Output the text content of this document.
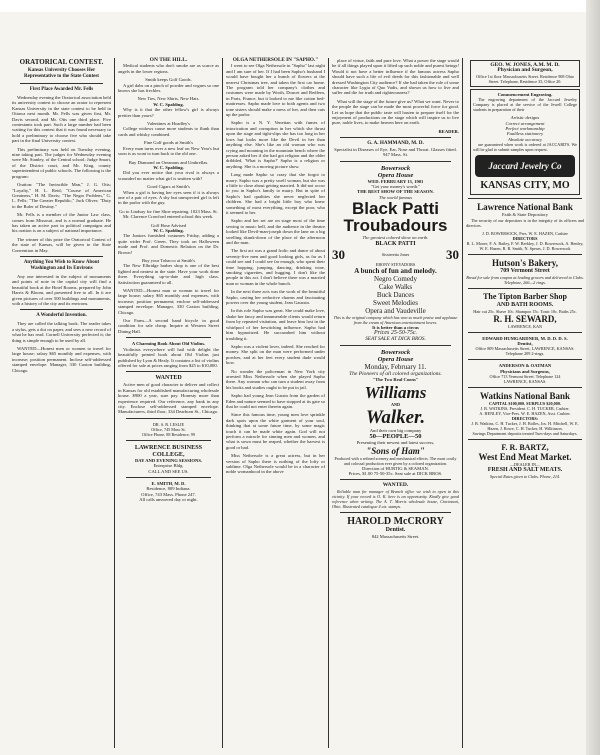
ORATORICAL CONTEST.
Kansas University Chooses Her Representative to the State Contest
First Place Awarded Mr. Fells

Wednesday evening the Oratorical association held its university contest to choose an orator to represent Kansas University in the state contest to be held in Ottawa next month. Mr. Fells was given first, Mr. Davis second, and Mr. Otis one third place. Five contestants took part. Such a large number had been waiting for this contest that it was found necessary to hold a preliminary to choose five who should take part in the final University contest.

This preliminary was held on Tuesday evening, nine taking part. The judges for Wednesday evening were Mr. Stanley, of the Central school; Judge Smart, of the District court, and Mr. King, county superintendent of public schools. The following is the program:

Oration: "The Invincible Man," J. G. Otis; "Loyalty," H. L. Reid; "Course of American Greatness," H. M. Davis; "The Negro Problem," G. L. Fells; "The Greater Republic," Jack Oliver; "Duty to the Ruler of Destiny."

Mr. Fells is a member of the Junior Law class, comes from Missouri, and is a normal graduate. He has taken an active part in political campaigns and his oration is on a subject of national importance.

The winner of this prize the Oratorical Contest of the state of Kansas, will be given to the State Convention in May.

Anything You Wish to Know About Washington and Its Environs

Any one interested in the subject of monuments and points of note in the capital city will find a beautiful book at the Hotel Rooms, prepared by John Harris & Bloom, and presented free to all. In it are given pictures of over 500 buildings and monuments, with a history of the city and its environs.

A Wonderful Invention.

They are called the talking book. The reader takes a stylus, gets a dot on paper, and sees a new record of what he has read. Cornell University perfected it; the thing is simple enough to be used by all.

WANTED—Honest men or women to travel for large house; salary $65 monthly and expenses, with increase; position permanent. Inclose self-addressed stamped envelope. Manager, 330 Caxton building, Chicago.

ON THE HILL.

Medical students who don't smoke are as scarce as angels in the lower regions.

Smith keeps Golf Goods.

A girl dabs on a pinch of powder and vogues so one knows she has freckles.

New Ties, New Shirts, New Hats.

W. C. Spalding.

Why is it that the other fellow's girl is always prettier than yours?

Valentines at Hoadley's

College widows cause more students to flunk than cards and whisky combined.

Fine Golf goods at Smith's

Every man turns over a new leaf on New Year's but soon is as wont to turn back to the old one.

Buy Diamond on Oreanons and Umbrellas.

W. C. Spalding.

Did you ever notice that your rival is always a scoundrel no matter what girl is smitten with?

Good Cigars at Smith's

When a girl is having her eyes seen if it is always one of a pair of eyes. A shy but unexpected girl is left in the parlor with the guy.

Go to Lindsay for fine Shoe repairing. 1023 Mass. St.

Mr. Clarence Crawford entered school this week.

Golf Hose Advised

W. C. Spalding.

The Juniors furnished costumes Friday, adding a quite wider Prof. Green. They took on Halloween mode and Prof. and Domestic Relation on the Dr. Brown!

Buy your Tobacco at Smith's

The New Elbridge barber shop is one of the best lighted and neatest in the state. Have your work done there. Everything up-to-date and high class. Satisfaction guaranteed to all.

WANTED—Honest man or woman to travel for large house; salary $65 monthly and expenses, with increase; position permanent; enclose self-addressed stamped envelope. Manager, 330 Caxton building, Chicago.

Our Farm—A second hand bicycle in good condition for sale cheap. Inquire at Western Street Dining Hall.

A Charming Book About Old Violins.

Violinists everywhere will hail with delight the beautifully printed book about Old Violins just published by Lyon & Healy. It contains a list of violins offered for sale at prices ranging from $25 to $10,000.

WANTED

Active men of good character to deliver and collect in Kansas for old established manufacturing wholesale house. $900 a year, sure pay. Honesty more than experience required. Our reference, any bank in any city. Enclose self-addressed stamped envelope. Manufacturers, third floor, 334 Dearborn St., Chicago.

DR. S. B. LESLIE
Office, 745 Mass St.
Office Phone, 88 Residence, 99

LAWRENCE BUSINESS

COLLEGE,

DAY AND EVENING SESSIONS.

Enterprise Bldg.

CALL AND SEE US.

E. SMITH, M. D.

Residence, 809 Indiana.

Office, 743 Mass. Phone 247.

All calls answered day or night.

OLGA NETHERSOLE IN "SAPHO."

I went to see Olga Nethersole in "Sapho" last night and I am sure of her. If I had been Sapho's husband I would have bought her a bunch of flowers at the nearest Christmas tree, and taken the first car home. The program told her company's clothes and costumes were made by Worth, Doucet and Redfern, in Paris, France, but it looked to me like cotton bed-mattresses. Sapho made love to both agents and two tone sisters should make a mess of her, and then cuts up the parlor.

Sapho is a N. Y. Venetian with fumes of intoxication and corruption in her which she thrust upon the stage and tight-slips she has too long in her lows but looks more like the Devil in her than anything else. She's like an old woman who was crying and moaning in the mountain bench where the person asked her if she had got religion and the older dribbled, 'What is Sapho?' Sapho is a religion or anything. She is a moving picture show.

Long made Sapho so crazy that she forgot to marry. Sapho was a pretty swell woman, but she was a little to close about getting married. It did not occur to you in Sapho's family to marry. But in spite of Sapho's bad qualities she never neglected her children. She had a bright little boy who knew something of most everything, except the poor, who it seemed to her.

Sapho and her set are on stage most of the time sewing to music bell, and the audience in the theatre looked like Devil-man-joseph down the lane on a big swelling skunk-down of the place of the afternoon and the man.

The first act was a grand frolic and dance of about seventy-five men and good looking girls, as far as I could see and I could see far enough, who spent their time hopping, jumping, dancing, drinking wine, smoking cigarettes, and hugging. I don't like the people in this act. I don't believe there was a married man or woman in the whole bunch.

In the next three acts was the work of the beautiful Sapho, casting her seductive charms and fascinating powers over the young student, Jean Gaussin.

In this role Sapho was great. She could make love, shake her fancy and innumerable clients would return from by repeated visitation, and leave him lost in the whirlpool of her bewitching influence. Sapho had him hypnotized. He succumbed him without troubling it.

Sapho was a violent lover, indeed. She reached for money. She split on the man were performed under porches, and at her feet every student dude would bow.

No wonder the policeman in New York city arrested Miss Nethersole when she played Sapho there. Any woman who can turn a student away from his books and studies ought to be put in jail.

Sapho had young Jean Gussin from the garden of Eden and nature seemed to have stopped at its gate so that he could not enter therein again.

Since this famous time, young men love sprinkle dark spots upon the white garment of your soul, thinking that at some future time, by some magic touch it can be made white again. God will not perform a miracle for sinning men and women, and what is sown must be reaped, whether the harvest is good or bad.

Miss Nethersole is a great actress, but in her version of Sapho there is nothing of the lofty or sublime. Olga Nethersole would be in a character of noble womanhood in the above

place of virtue, faith and pure love. What a power the stage would be if all things played upon it lifted up such noble and purest beings! Would it not have a better influence if the famous actress Sapho should have such a life of evil deeds for this fashionable and well dressed Washington City audience? If she had taken the role of some character like Lygia of Quo Vadis, and shown us how to live and suffer and die for truth and righteousness?

What will the stage of the future give us? What we want. Never to the people the stage can be made the most powerful force for good. Let us hope that the public taste will hasten to prepare itself for the enjoyment of productions on the stage which will inspire us to live pure, noble lives, to make heaven here on earth.

READER.

G. A. HAMMAND, M. D.

Specialist in Diseases of Eye, Ear, Nose and Throat. Glasses fitted.

947 Mass. St.

Bowersock

Opera House

WED. FEBRUARY 13, 1901

"Get your money's worth."

THE BEST SHOW OF THE SEASON.

The world famous

Black Patti
Troubadours

The greatest colored show on earth.

BLACK PATTI

30	Sissieretta Jones	30

EBONY STEVADORS

A bunch of fun and melody.

Negro Comedy

Cake Walks

Buck Dances

Sweet Melodies

Opera and Vaudeville

This is the original company which has won so much praise and applause from the cream of American entertainment lovers.

It is better than a circus

Prices 25-50-75c.

SEAT SALE AT DICK BROS.

Bowersock

Opera House

Monday, February 11.

The Pioneers of all colored organizations.

"The Two Real Coons"

Williams

AND

Walker.

And their own big company

50—PEOPLE—50

Presenting their newest and latest success,

"Sons of Ham"

Produced with a refined scenery and mechanical effects. The most costly and colossal production ever given by a colored organization.

Direction of HURTIG & SEAMAN.

Prices, $1.00 75-50-35c. Seat sale at DICK BROS.

WANTED.

Reliable man for manager of Branch office we wish to open in this vicinity. If your record is O. K. here is an opportunity. Kindly give good reference when writing. The A. T. Morris wholesale house, Cincinnati, Ohio. Illustrated catalogue 4 cts. stamps.

HAROLD McCRORY

Dentist.

842 Massachusetts Street.

GEO. W. JONES, A.M. M. D.

Physician and Surgeon,

Office 1st floor Massachusetts Street. Residence 908 Ohio Street. Telephone, Residence 35, Office 20.

Commencement Engraving.

The engraving department of the Jaccard Jewelry Company is placed at the service of the Jewell College students in preparation of their

Artistic designs

Correct arrangement

Perfect workmanship

Faultless stationery

Absolute accuracy

are guaranteed when work is ordered at JACCARD'S. We will be glad to submit samples upon request.

Jaccard Jewelry Co
KANSAS CITY, MO

Lawrence National Bank

Faith & State Depository

The security of our depositors is in the integrity of its officers and directors.

J. D. BOWERSOCK, Pres. W. E. HAZEN, Cashier

DIRECTORS

R. L. Moore, F. A. Bailey, F. W. Berkley, J. D. Bowersock, A. Henley, W. E. Hazen, R. B. Smith, N. Spears, J. D. Bowersock

Hutson's Bakery,

709 Vermont Street

Bread for sale from coupon at leading grocers and delivered to Clubs. Telephone, 266—2 rings.

The Tipton Barber Shop

AND BATH ROOMS.

Hair cut 25c. Shave 10c. Shampoo 15c. Tonic 10c. Baths 25c.

R. H. SEWARD,

LAWRENCE, KAN

EDWARD HUMGARDNER, M. D. D. D. S.

Dentist,

Office 809 Massachusetts Street, LAWRENCE, KANSAS.

Telephone 209 2-rings.

ANDERSON & OATMAN

Physicians and Surgeons,

Office 713 Vermont Street. Telephone 124

LAWRENCE, KANSAS.

Watkins National Bank

CAPITAL $100,000. SURPLUS $20,000.

J. B. WATKINS, President. C. H. TUCKER, Cashier.
A. HENLEY, Vice-Pres. W. E. HAZEN, Asst. Cashier.

DIRECTORS:

J. B. Watkins, C. H. Tucker, J. H. Bolles, Jos. H. Mitchell, W. E. Hazen, J. Rowe, C. H. Tucker, H. Wilkinson.

Savings Department deposits treated Tues-days and Saturdays.

F. R. BARTZ,

West End Meat Market.

—DEALER IN—

FRESH AND SALT MEATS.

Special Rates given to Clubs. Phone, 214.
